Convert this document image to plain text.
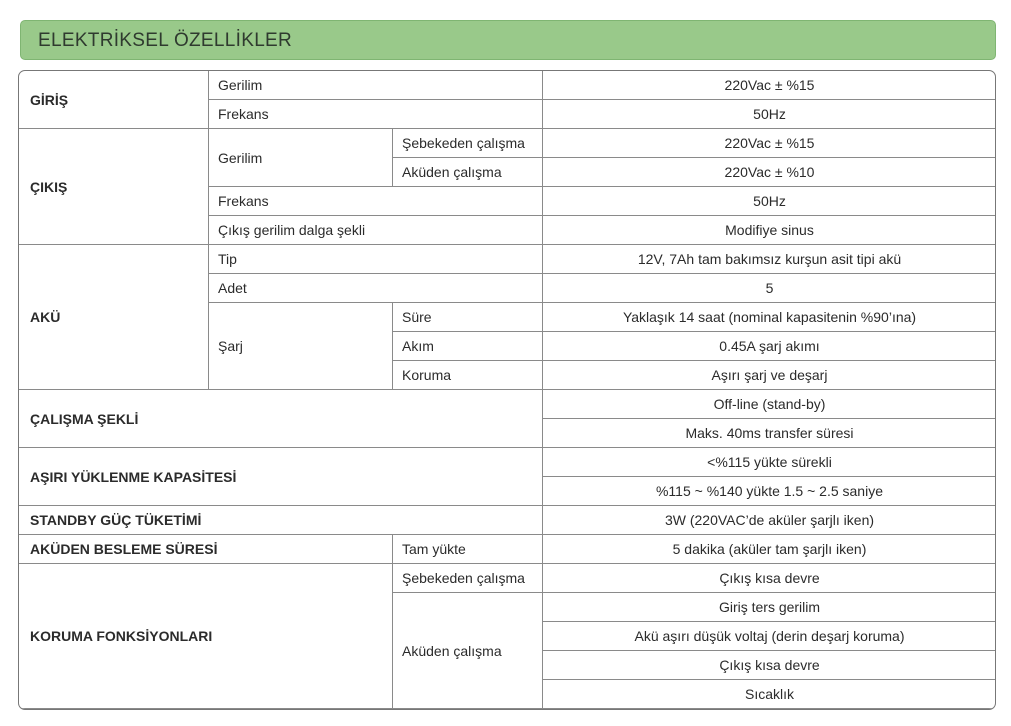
ELEKTRİKSEL ÖZELLİKLER
GİRİŞ	Gerilim		220Vac ± %15
	Frekans		50Hz
ÇIKIŞ	Gerilim	Şebekeden çalışma	220Vac ± %15
		Aküden çalışma	220Vac ± %10
	Frekans		50Hz
	Çıkış gerilim dalga şekli		Modifiye sinus
AKÜ	Tip		12V, 7Ah tam bakımsız kurşun asit tipi akü
	Adet		5
	Şarj	Süre	Yaklaşık 14 saat (nominal kapasitenin %90’ına)
		Akım	0.45A şarj akımı
		Koruma	Aşırı şarj ve deşarj
ÇALIŞMA ŞEKLİ			Off-line (stand-by)
			Maks. 40ms transfer süresi
AŞIRI YÜKLENME KAPASİTESİ			<%115 yükte sürekli
			%115 ~ %140 yükte 1.5 ~ 2.5 saniye
STANDBY GÜÇ TÜKETİMİ			3W (220VAC’de aküler şarjlı iken)
AKÜDEN BESLEME SÜRESİ		Tam yükte	5 dakika (aküler tam şarjlı iken)
KORUMA FONKSİYONLARI		Şebekeden çalışma	Çıkış kısa devre
		Aküden çalışma	Giriş ters gerilim
			Akü aşırı düşük voltaj (derin deşarj koruma)
			Çıkış kısa devre
			Sıcaklık
